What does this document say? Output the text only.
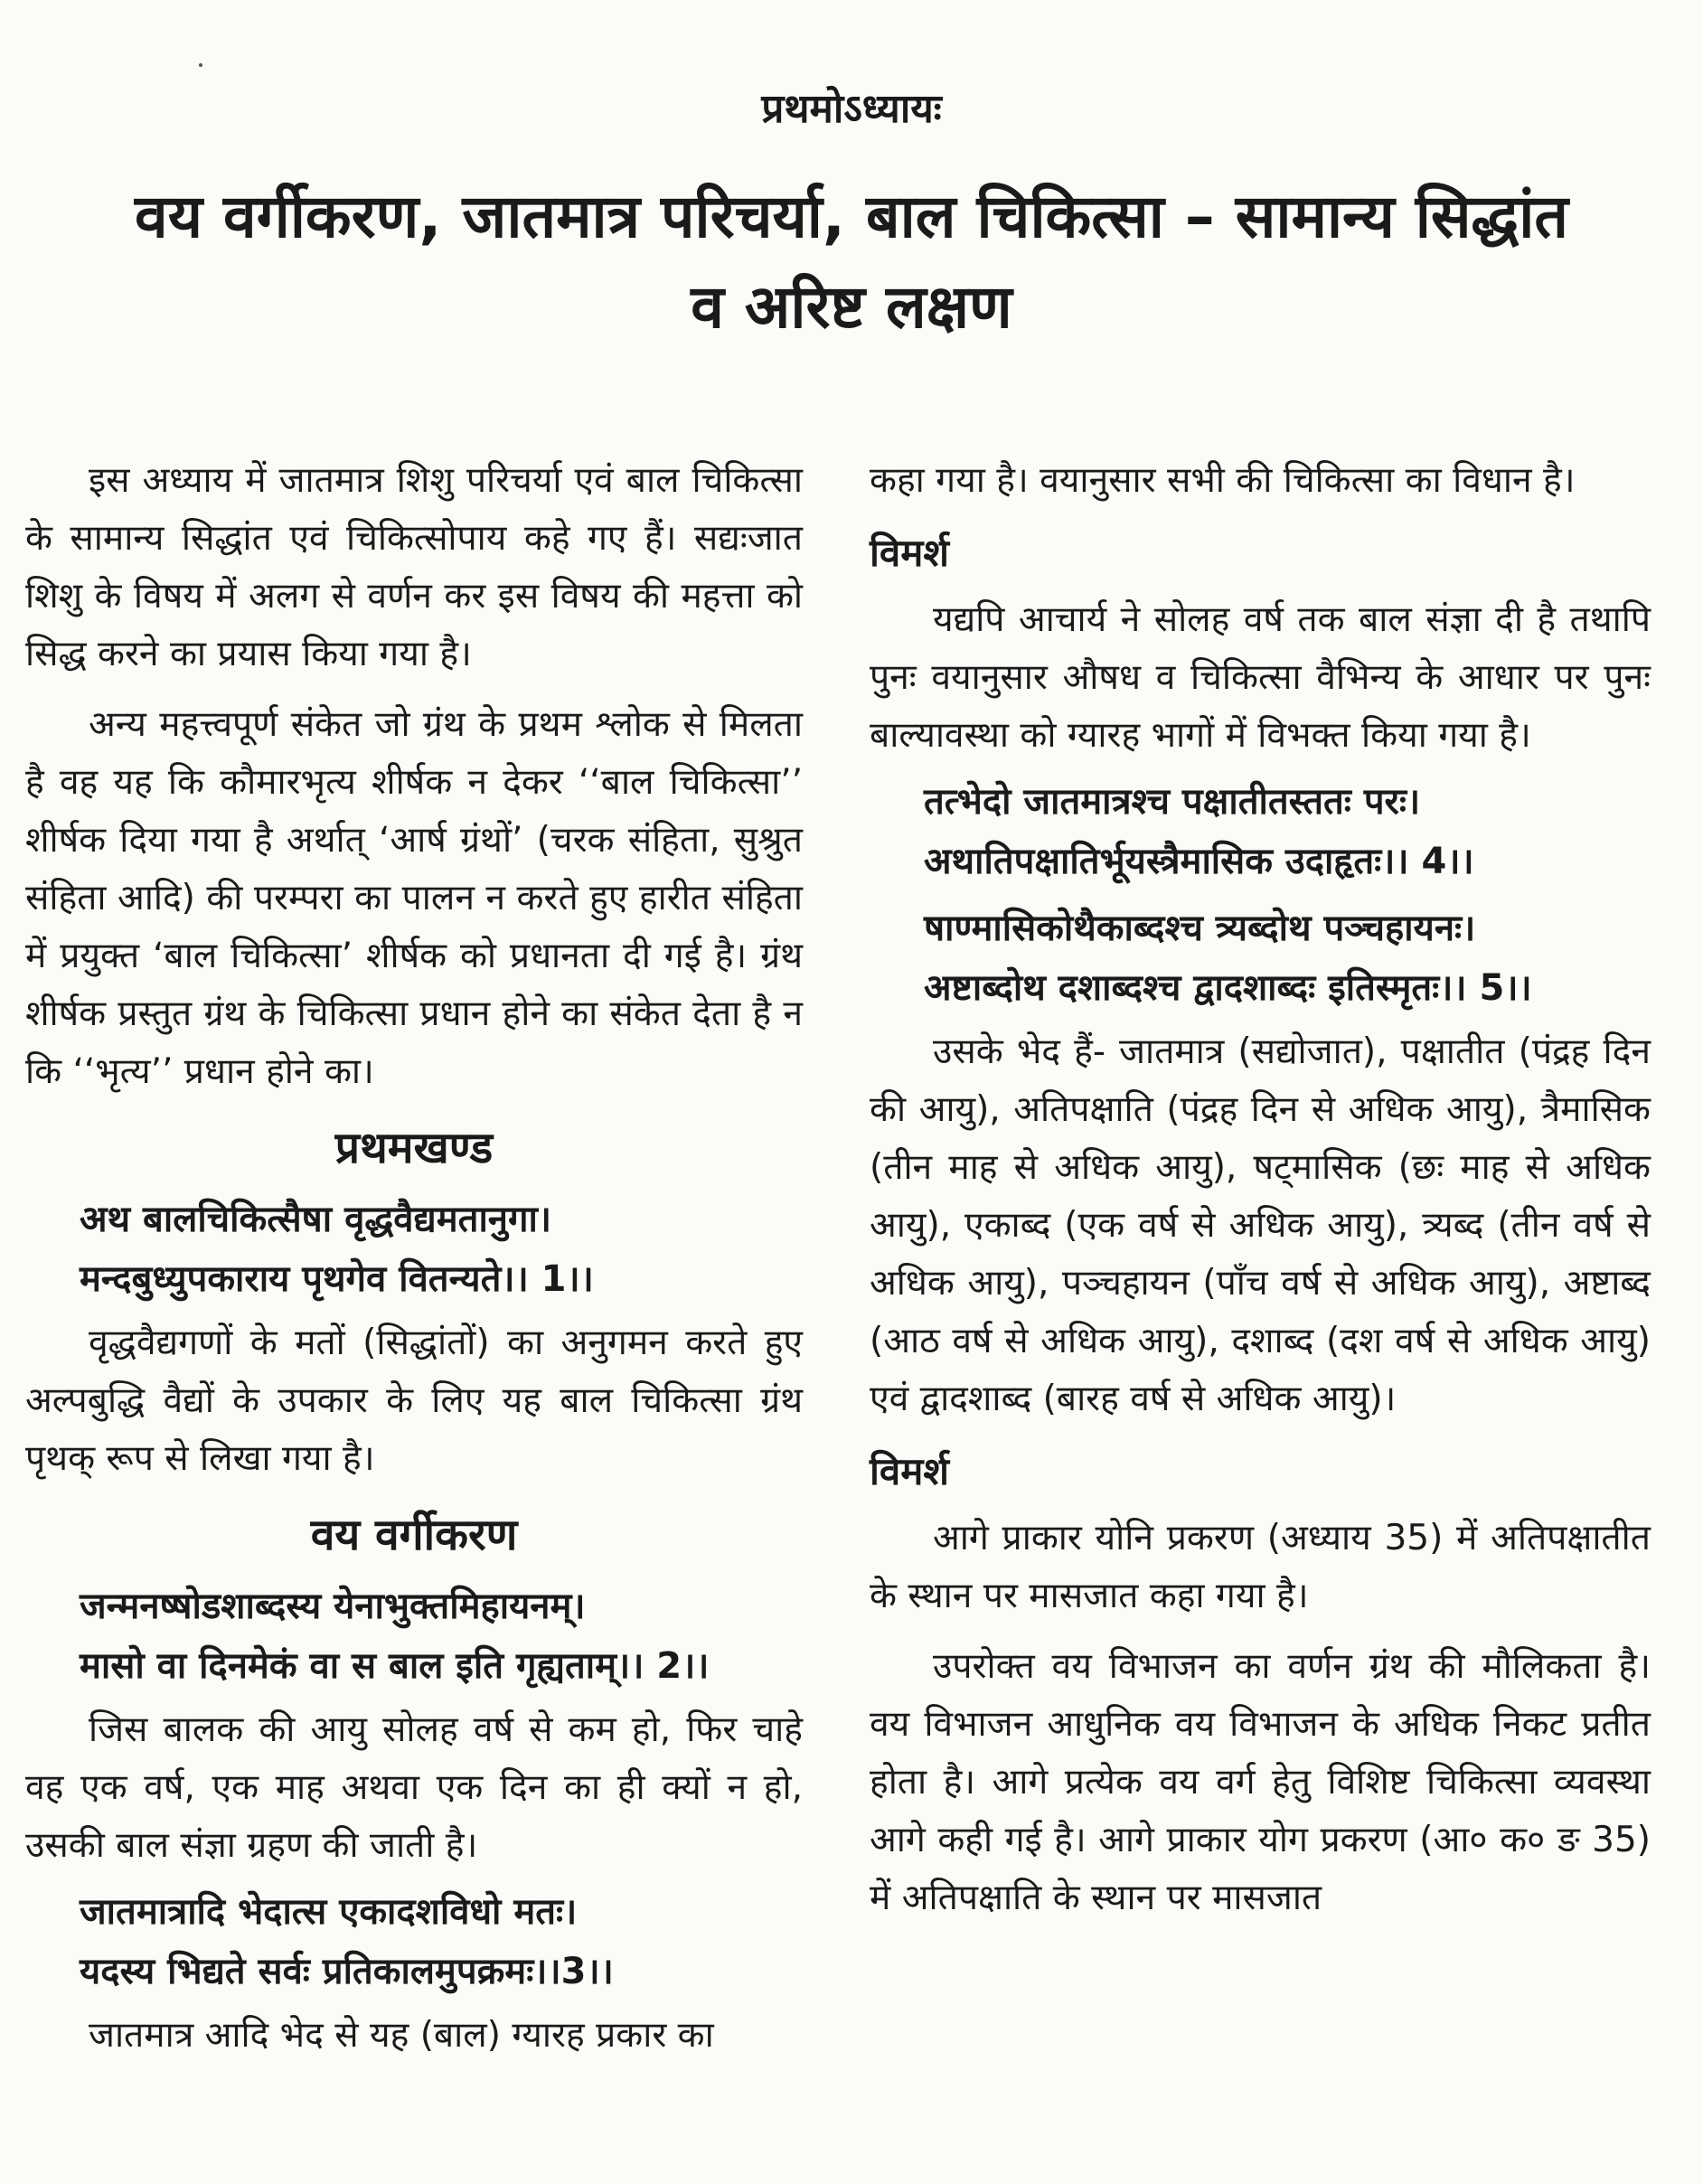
प्रथमोऽध्यायः
वय वर्गीकरण, जातमात्र परिचर्या, बाल चिकित्सा – सामान्य सिद्धांत
व अरिष्ट लक्षण

इस अध्याय में जातमात्र शिशु परिचर्या एवं बाल चिकित्सा के सामान्य सिद्धांत एवं चिकित्सोपाय कहे गए हैं। सद्यःजात शिशु के विषय में अलग से वर्णन कर इस विषय की महत्ता को सिद्ध करने का प्रयास किया गया है।

अन्य महत्त्वपूर्ण संकेत जो ग्रंथ के प्रथम श्लोक से मिलता है वह यह कि कौमारभृत्य शीर्षक न देकर ‘‘बाल चिकित्सा’’ शीर्षक दिया गया है अर्थात् ‘आर्ष ग्रंथों’ (चरक संहिता, सुश्रुत संहिता आदि) की परम्परा का पालन न करते हुए हारीत संहिता में प्रयुक्त ‘बाल चिकित्सा’ शीर्षक को प्रधानता दी गई है। ग्रंथ शीर्षक प्रस्तुत ग्रंथ के चिकित्सा प्रधान होने का संकेत देता है न कि ‘‘भृत्य’’ प्रधान होने का।

प्रथमखण्ड
अथ बालचिकित्सैषा वृद्धवैद्यमतानुगा।
मन्दबुध्युपकाराय पृथगेव वितन्यते।। 1।।

वृद्धवैद्यगणों के मतों (सिद्धांतों) का अनुगमन करते हुए अल्पबुद्धि वैद्यों के उपकार के लिए यह बाल चिकित्सा ग्रंथ पृथक् रूप से लिखा गया है।

वय वर्गीकरण
जन्मनष्षोडशाब्दस्य येनाभुक्तमिहायनम्।
मासो वा दिनमेकं वा स बाल इति गृह्यताम्।। 2।।

जिस बालक की आयु सोलह वर्ष से कम हो, फिर चाहे वह एक वर्ष, एक माह अथवा एक दिन का ही क्यों न हो, उसकी बाल संज्ञा ग्रहण की जाती है।

जातमात्रादि भेदात्स एकादशविधो मतः।
यदस्य भिद्यते सर्वः प्रतिकालमुपक्रमः।।3।।

जातमात्र आदि भेद से यह (बाल) ग्यारह प्रकार का

कहा गया है। वयानुसार सभी की चिकित्सा का विधान है।

विमर्श

यद्यपि आचार्य ने सोलह वर्ष तक बाल संज्ञा दी है तथापि पुनः वयानुसार औषध व चिकित्सा वैभिन्य के आधार पर पुनः बाल्यावस्था को ग्यारह भागों में विभक्त किया गया है।

तत्भेदो जातमात्रश्च पक्षातीतस्ततः परः।
अथातिपक्षातिर्भूयस्त्रैमासिक उदाहृतः।। 4।।
षाण्मासिकोथैकाब्दश्च त्र्यब्दोथ पञ्चहायनः।
अष्टाब्दोथ दशाब्दश्च द्वादशाब्दः इतिस्मृतः।। 5।।

उसके भेद हैं- जातमात्र (सद्योजात), पक्षातीत (पंद्रह दिन की आयु), अतिपक्षाति (पंद्रह दिन से अधिक आयु), त्रैमासिक (तीन माह से अधिक आयु), षट्मासिक (छः माह से अधिक आयु), एकाब्द (एक वर्ष से अधिक आयु), त्र्यब्द (तीन वर्ष से अधिक आयु), पञ्चहायन (पाँच वर्ष से अधिक आयु), अष्टाब्द (आठ वर्ष से अधिक आयु), दशाब्द (दश वर्ष से अधिक आयु) एवं द्वादशाब्द (बारह वर्ष से अधिक आयु)।

विमर्श

आगे प्राकार योनि प्रकरण (अध्याय 35) में अतिपक्षातीत के स्थान पर मासजात कहा गया है।

उपरोक्त वय विभाजन का वर्णन ग्रंथ की मौलिकता है। वय विभाजन आधुनिक वय विभाजन के अधिक निकट प्रतीत होता है। आगे प्रत्येक वय वर्ग हेतु विशिष्ट चिकित्सा व्यवस्था आगे कही गई है। आगे प्राकार योग प्रकरण (आ० क० ङ 35) में अतिपक्षाति के स्थान पर मासजात
